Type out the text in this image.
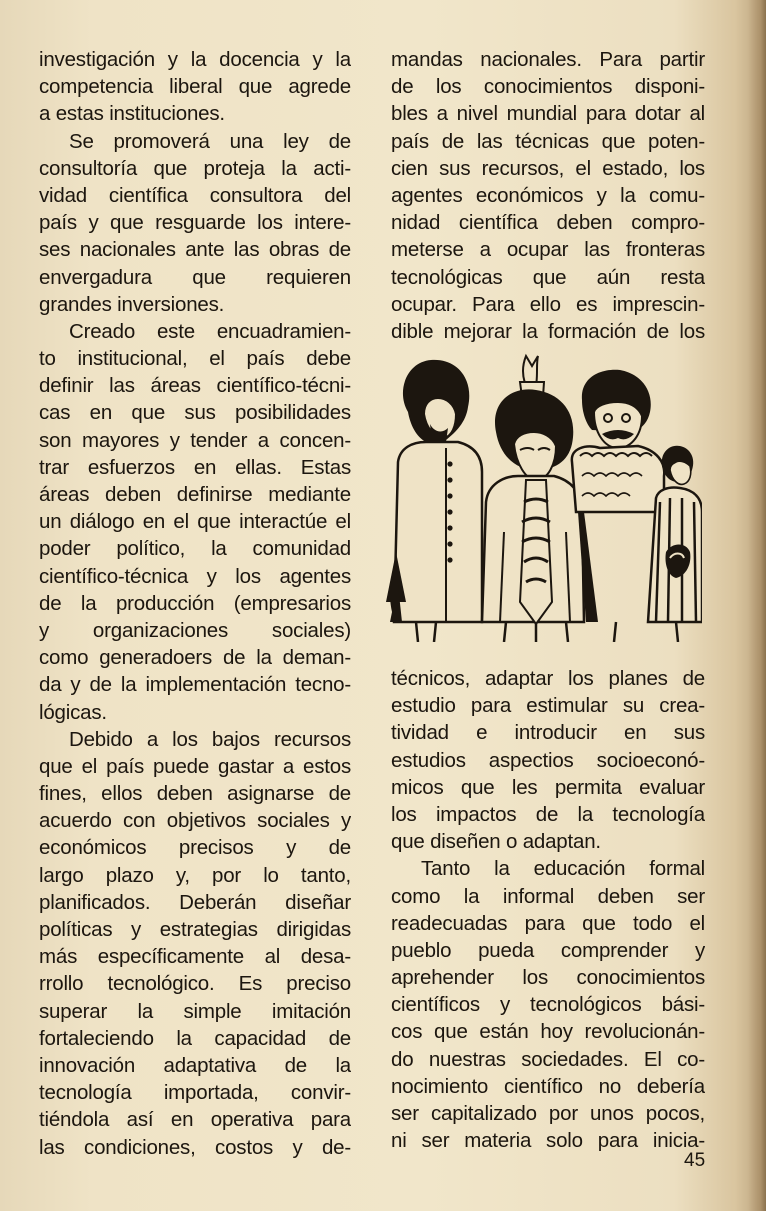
investigación y la docencia y la
competencia liberal que agrede
a estas instituciones.
Se promoverá una ley de
consultoría que proteja la acti-
vidad científica consultora del
país y que resguarde los intere-
ses nacionales ante las obras de
envergadura que requieren
grandes inversiones.
Creado este encuadramien-
to institucional, el país debe
definir las áreas científico-técni-
cas en que sus posibilidades
son mayores y tender a concen-
trar esfuerzos en ellas. Estas
áreas deben definirse mediante
un diálogo en el que interactúe el
poder político, la comunidad
científico-técnica y los agentes
de la producción (empresarios
y organizaciones sociales)
como generadoers de la deman-
da y de la implementación tecno-
lógicas.
Debido a los bajos recursos
que el país puede gastar a estos
fines, ellos deben asignarse de
acuerdo con objetivos sociales y
económicos precisos y de
largo plazo y, por lo tanto,
planificados. Deberán diseñar
políticas y estrategias dirigidas
más específicamente al desa-
rrollo tecnológico. Es preciso
superar la simple imitación
fortaleciendo la capacidad de
innovación adaptativa de la
tecnología importada, convir-
tiéndola así en operativa para
las condiciones, costos y de-
mandas nacionales. Para partir
de los conocimientos disponi-
bles a nivel mundial para dotar al
país de las técnicas que poten-
cien sus recursos, el estado, los
agentes económicos y la comu-
nidad científica deben compro-
meterse a ocupar las fronteras
tecnológicas que aún resta
ocupar. Para ello es imprescin-
dible mejorar la formación de los
técnicos, adaptar los planes de
estudio para estimular su crea-
tividad e introducir en sus
estudios aspectios socioeconó-
micos que les permita evaluar
los impactos de la tecnología
que diseñen o adaptan.
Tanto la educación formal
como la informal deben ser
readecuadas para que todo el
pueblo pueda comprender y
aprehender los conocimientos
científicos y tecnológicos bási-
cos que están hoy revolucionán-
do nuestras sociedades. El co-
nocimiento científico no debería
ser capitalizado por unos pocos,
ni ser materia solo para inicia-
45
